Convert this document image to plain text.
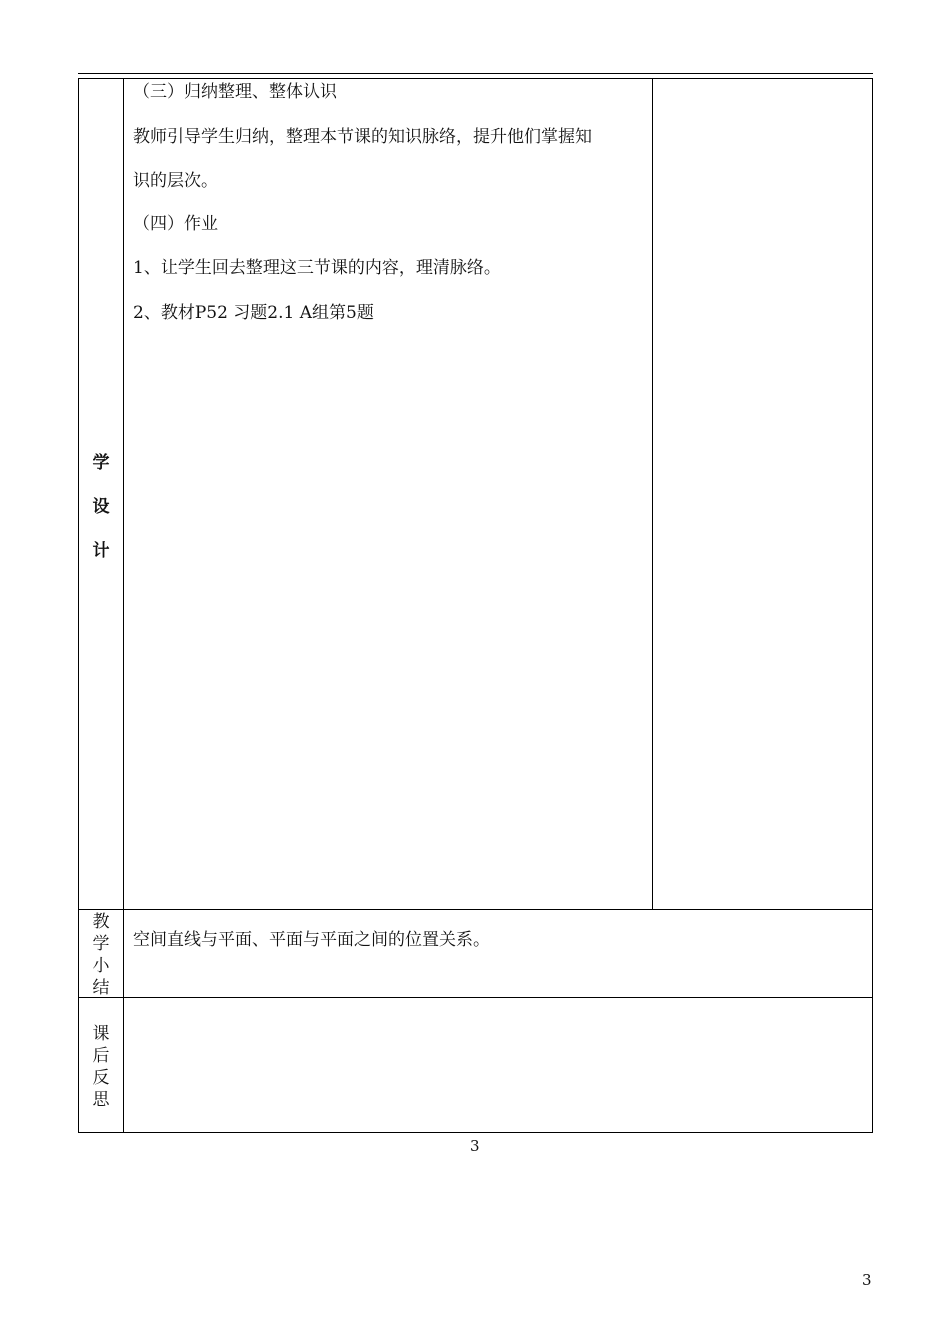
学
设
计
教
学
小
结
课
后
反
思
（三）归纳整理、整体认识
教师引导学生归纳，整理本节课的知识脉络，提升他们掌握知
识的层次。
（四）作业
1、让学生回去整理这三节课的内容，理清脉络。
2、教材P52 习题2.1 A组第5题
空间直线与平面、平面与平面之间的位置关系。
3
3
